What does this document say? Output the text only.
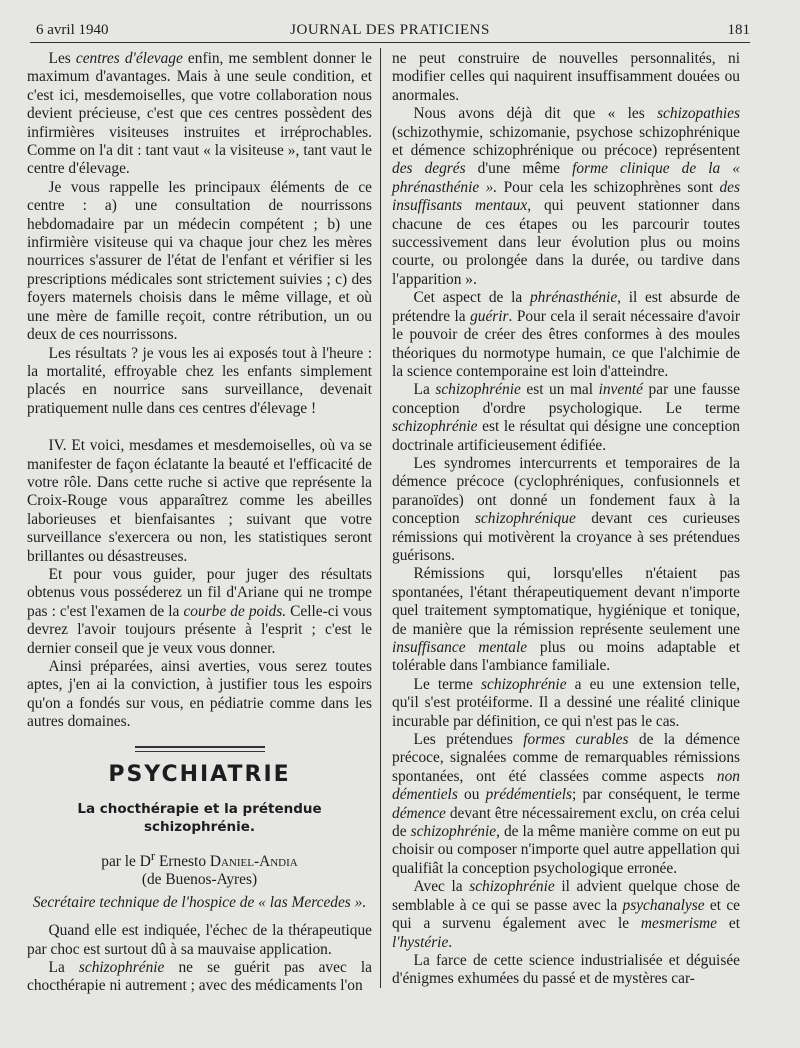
6 avril 1940	JOURNAL DES PRATICIENS	181

Les centres d'élevage enfin, me semblent donner le maximum d'avantages. Mais à une seule condition, et c'est ici, mesdemoiselles, que votre collaboration nous devient précieuse, c'est que ces centres possèdent des infirmières visiteuses instruites et irréprochables. Comme on l'a dit : tant vaut « la visiteuse », tant vaut le centre d'élevage.

Je vous rappelle les principaux éléments de ce centre : a) une consultation de nourrissons hebdomadaire par un médecin compétent ; b) une infirmière visiteuse qui va chaque jour chez les mères nourrices s'assurer de l'état de l'enfant et vérifier si les prescriptions médicales sont strictement suivies ; c) des foyers maternels choisis dans le même village, et où une mère de famille reçoit, contre rétribution, un ou deux de ces nourrissons.

Les résultats ? je vous les ai exposés tout à l'heure : la mortalité, effroyable chez les enfants simplement placés en nourrice sans surveillance, devenait pratiquement nulle dans ces centres d'élevage !

IV. Et voici, mesdames et mesdemoiselles, où va se manifester de façon éclatante la beauté et l'efficacité de votre rôle. Dans cette ruche si active que représente la Croix-Rouge vous apparaîtrez comme les abeilles laborieuses et bienfaisantes ; suivant que votre surveillance s'exercera ou non, les statistiques seront brillantes ou désastreuses.

Et pour vous guider, pour juger des résultats obtenus vous posséderez un fil d'Ariane qui ne trompe pas : c'est l'examen de la courbe de poids. Celle-ci vous devrez l'avoir toujours présente à l'esprit ; c'est le dernier conseil que je veux vous donner.

Ainsi préparées, ainsi averties, vous serez toutes aptes, j'en ai la conviction, à justifier tous les espoirs qu'on a fondés sur vous, en pédiatrie comme dans les autres domaines.

PSYCHIATRIE

La chocthérapie et la prétendue schizophrénie.

par le $D^r$ Ernesto Daniel-Andia

(de Buenos-Ayres)

Secrétaire technique de l'hospice de « las Mercedes ».

Quand elle est indiquée, l'échec de la thérapeutique par choc est surtout dû à sa mauvaise application.

La schizophrénie ne se guérit pas avec la chocthérapie ni autrement ; avec des médicaments l'on

ne peut construire de nouvelles personnalités, ni modifier celles qui naquirent insuffisamment douées ou anormales.

Nous avons déjà dit que « les schizopathies (schizothymie, schizomanie, psychose schizophrénique et démence schizophrénique ou précoce) représentent des degrés d'une même forme clinique de la « phrénasthénie ». Pour cela les schizophrènes sont des insuffisants mentaux, qui peuvent stationner dans chacune de ces étapes ou les parcourir toutes successivement dans leur évolution plus ou moins courte, ou prolongée dans la durée, ou tardive dans l'apparition ».

Cet aspect de la phrénasthénie, il est absurde de prétendre la guérir. Pour cela il serait nécessaire d'avoir le pouvoir de créer des êtres conformes à des moules théoriques du normotype humain, ce que l'alchimie de la science contemporaine est loin d'atteindre.

La schizophrénie est un mal inventé par une fausse conception d'ordre psychologique. Le terme schizophrénie est le résultat qui désigne une conception doctrinale artificieusement édifiée.

Les syndromes intercurrents et temporaires de la démence précoce (cyclophréniques, confusionnels et paranoïdes) ont donné un fondement faux à la conception schizophrénique devant ces curieuses rémissions qui motivèrent la croyance à ses prétendues guérisons.

Rémissions qui, lorsqu'elles n'étaient pas spontanées, l'étant thérapeutiquement devant n'importe quel traitement symptomatique, hygiénique et tonique, de manière que la rémission représente seulement une insuffisance mentale plus ou moins adaptable et tolérable dans l'ambiance familiale.

Le terme schizophrénie a eu une extension telle, qu'il s'est protéiforme. Il a dessiné une réalité clinique incurable par définition, ce qui n'est pas le cas.

Les prétendues formes curables de la démence précoce, signalées comme de remarquables rémissions spontanées, ont été classées comme aspects non démentiels ou prédémentiels; par conséquent, le terme démence devant être nécessairement exclu, on créa celui de schizophrénie, de la même manière comme on eut pu choisir ou composer n'importe quel autre appellation qui qualifiât la conception psychologique erronée.

Avec la schizophrénie il advient quelque chose de semblable à ce qui se passe avec la psychanalyse et ce qui a survenu également avec le mesmerisme et l'hystérie.

La farce de cette science industrialisée et déguisée d'énigmes exhumées du passé et de mystères car-
